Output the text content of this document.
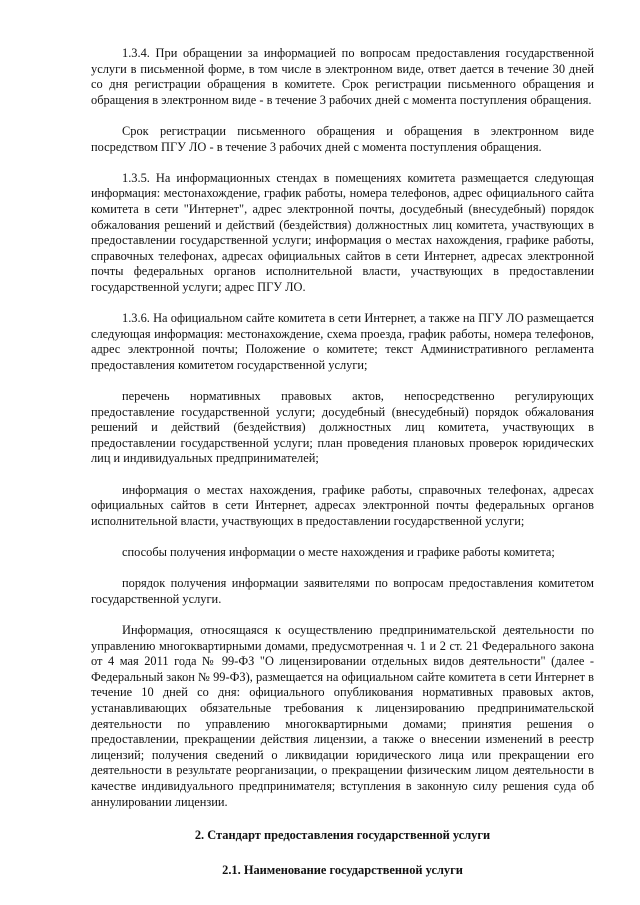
1.3.4. При обращении за информацией по вопросам предоставления государственной услуги в письменной форме, в том числе в электронном виде, ответ дается в течение 30 дней со дня регистрации обращения в комитете. Срок регистрации письменного обращения и обращения в электронном виде - в течение 3 рабочих дней с момента поступления обращения.

Срок регистрации письменного обращения и обращения в электронном виде посредством ПГУ ЛО - в течение 3 рабочих дней с момента поступления обращения.

1.3.5. На информационных стендах в помещениях комитета размещается следующая информация: местонахождение, график работы, номера телефонов, адрес официального сайта комитета в сети "Интернет", адрес электронной почты, досудебный (внесудебный) порядок обжалования решений и действий (бездействия) должностных лиц комитета, участвующих в предоставлении государственной услуги; информация о местах нахождения, графике работы, справочных телефонах, адресах официальных сайтов в сети Интернет, адресах электронной почты федеральных органов исполнительной власти, участвующих в предоставлении государственной услуги; адрес ПГУ ЛО.

1.3.6. На официальном сайте комитета в сети Интернет, а также на ПГУ ЛО размещается следующая информация: местонахождение, схема проезда, график работы, номера телефонов, адрес электронной почты; Положение о комитете; текст Административного регламента предоставления комитетом государственной услуги;

перечень нормативных правовых актов, непосредственно регулирующих предоставление государственной услуги; досудебный (внесудебный) порядок обжалования решений и действий (бездействия) должностных лиц комитета, участвующих в предоставлении государственной услуги; план проведения плановых проверок юридических лиц и индивидуальных предпринимателей;

информация о местах нахождения, графике работы, справочных телефонах, адресах официальных сайтов в сети Интернет, адресах электронной почты федеральных органов исполнительной власти, участвующих в предоставлении государственной услуги;

способы получения информации о месте нахождения и графике работы комитета;

порядок получения информации заявителями по вопросам предоставления комитетом государственной услуги.

Информация, относящаяся к осуществлению предпринимательской деятельности по управлению многоквартирными домами, предусмотренная ч. 1 и 2 ст. 21 Федерального закона от 4 мая 2011 года № 99-ФЗ "О лицензировании отдельных видов деятельности" (далее - Федеральный закон № 99-ФЗ), размещается на официальном сайте комитета в сети Интернет в течение 10 дней со дня: официального опубликования нормативных правовых актов, устанавливающих обязательные требования к лицензированию предпринимательской деятельности по управлению многоквартирными домами; принятия решения о предоставлении, прекращении действия лицензии, а также о внесении изменений в реестр лицензий; получения сведений о ликвидации юридического лица или прекращении его деятельности в результате реорганизации, о прекращении физическим лицом деятельности в качестве индивидуального предпринимателя; вступления в законную силу решения суда об аннулировании лицензии.

2. Стандарт предоставления государственной услуги

2.1. Наименование государственной услуги
